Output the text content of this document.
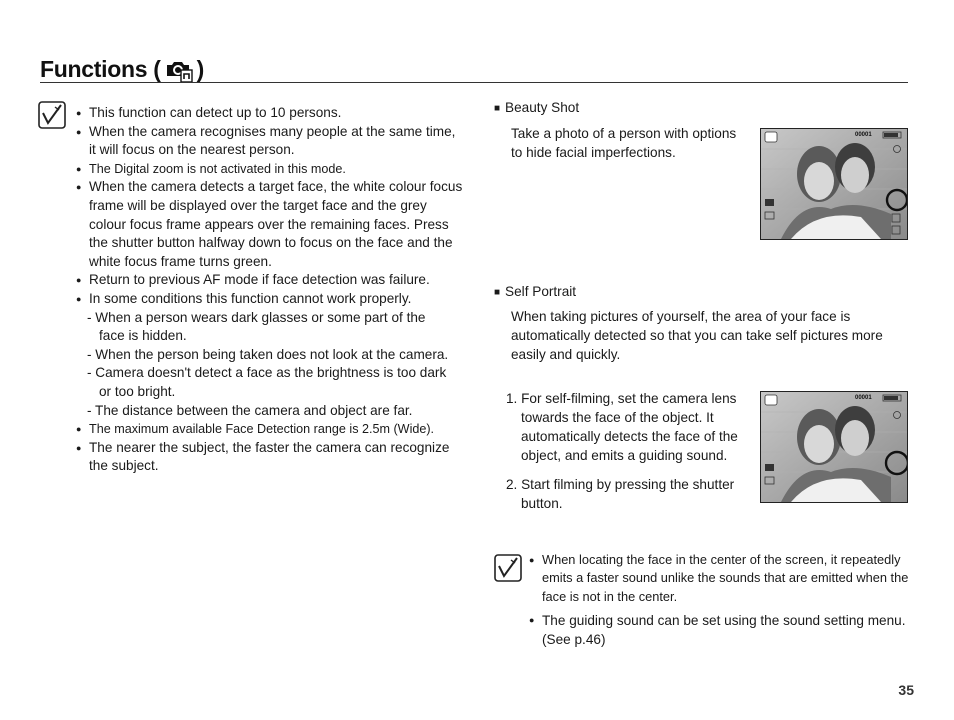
Functions ( )
● This function can detect up to 10 persons.
● When the camera recognises many people at the same time, it will focus on the nearest person.
● The Digital zoom is not activated in this mode.
● When the camera detects a target face, the white colour focus frame will be displayed over the target face and the grey colour focus frame appears over the remaining faces. Press the shutter button halfway down to focus on the face and the white focus frame turns green.
● Return to previous AF mode if face detection was failure.
● In some conditions this function cannot work properly.
- When a person wears dark glasses or some part of the
face is hidden.
- When the person being taken does not look at the camera.
- Camera doesn't detect a face as the brightness is too dark
or too bright.
- The distance between the camera and object are far.
● The maximum available Face Detection range is 2.5m (Wide).
● The nearer the subject, the faster the camera can recognize the subject.
■ Beauty Shot
Take a photo of a person with options
to hide facial imperfections.
00001
■ Self Portrait
When taking pictures of yourself, the area of your face is
automatically detected so that you can take self pictures more
easily and quickly.
1. For self-filming, set the camera lens
towards the face of the object. It
automatically detects the face of the
object, and emits a guiding sound.
2. Start filming by pressing the shutter
button.
00001
● When locating the face in the center of the screen, it repeatedly emits a faster sound unlike the sounds that are emitted when the face is not in the center.
● The guiding sound can be set using the sound setting menu. (See p.46)
35
